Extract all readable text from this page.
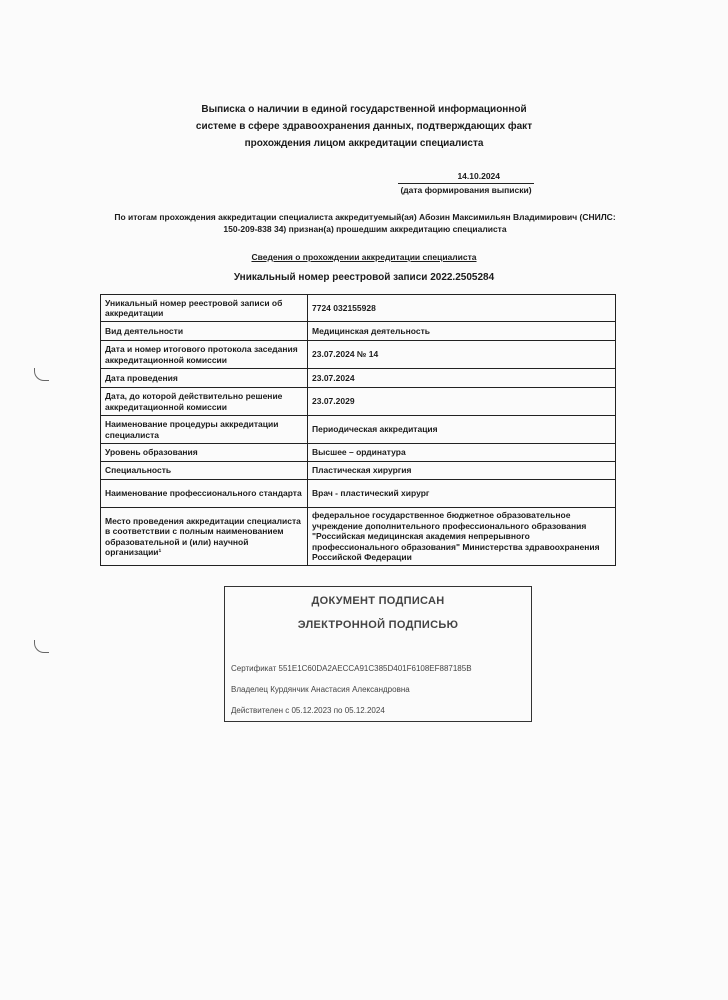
Выписка о наличии в единой государственной информационной
системе в сфере здравоохранения данных, подтверждающих факт
прохождения лицом аккредитации специалиста
14.10.2024
(дата формирования выписки)
По итогам прохождения аккредитации специалиста аккредитуемый(ая) Абозин Максимильян Владимирович (СНИЛС:
150-209-838 34) признан(а) прошедшим аккредитацию специалиста
Сведения о прохождении аккредитации специалиста
Уникальный номер реестровой записи 2022.2505284
Уникальный номер реестровой записи об аккредитации	7724 032155928
Вид деятельности	Медицинская деятельность
Дата и номер итогового протокола заседания аккредитационной комиссии	23.07.2024 № 14
Дата проведения	23.07.2024
Дата, до которой действительно решение аккредитационной комиссии	23.07.2029
Наименование процедуры аккредитации специалиста	Периодическая аккредитация
Уровень образования	Высшее – ординатура
Специальность	Пластическая хирургия
Наименование профессионального стандарта	Врач - пластический хирург
Место проведения аккредитации специалиста в соответствии с полным наименованием образовательной и (или) научной организации¹	федеральное государственное бюджетное образовательное учреждение дополнительного профессионального образования "Российская медицинская академия непрерывного профессионального образования" Министерства здравоохранения Российской Федерации
ДОКУМЕНТ ПОДПИСАН
ЭЛЕКТРОННОЙ ПОДПИСЬЮ
Сертификат 551E1C60DA2AECCA91C385D401F6108EF887185B
Владелец Курдянчик Анастасия Александровна
Действителен с 05.12.2023 по 05.12.2024
